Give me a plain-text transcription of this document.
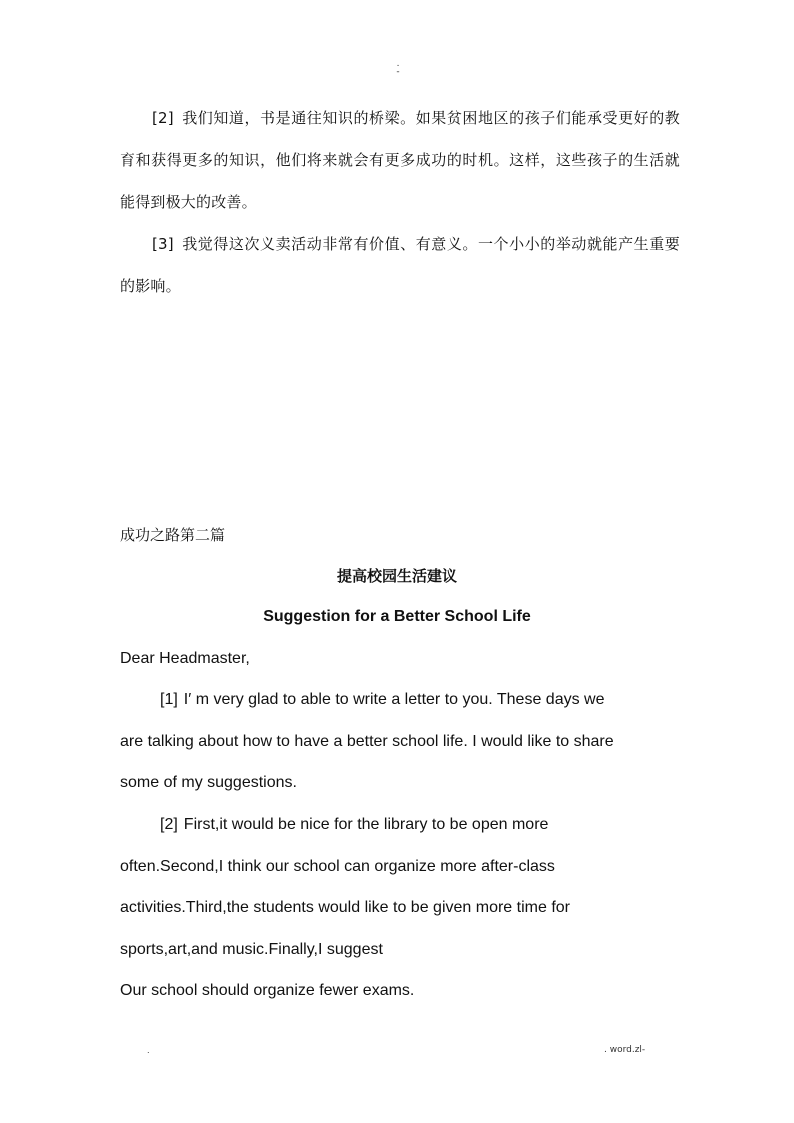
.
-

[2] 我们知道，书是通往知识的桥梁。如果贫困地区的孩子们能承受更好的教育和获得更多的知识，他们将来就会有更多成功的时机。这样，这些孩子的生活就能得到极大的改善。

[3] 我觉得这次义卖活动非常有价值、有意义。一个小小的举动就能产生重要的影响。

成功之路第二篇
提高校园生活建议
Suggestion for a Better School Life
Dear Headmaster,
[1] I′ m very glad to able to write a letter to you. These days we
are talking about how to have a better school life. I would like to share
some of my suggestions.
[2] First,it would be nice for the library to be open more
often.Second,I think our school can organize more after-class
activities.Third,the students would like to be given more time for
sports,art,and music.Finally,I suggest
Our school should organize fewer exams.
.	. word.zl-
